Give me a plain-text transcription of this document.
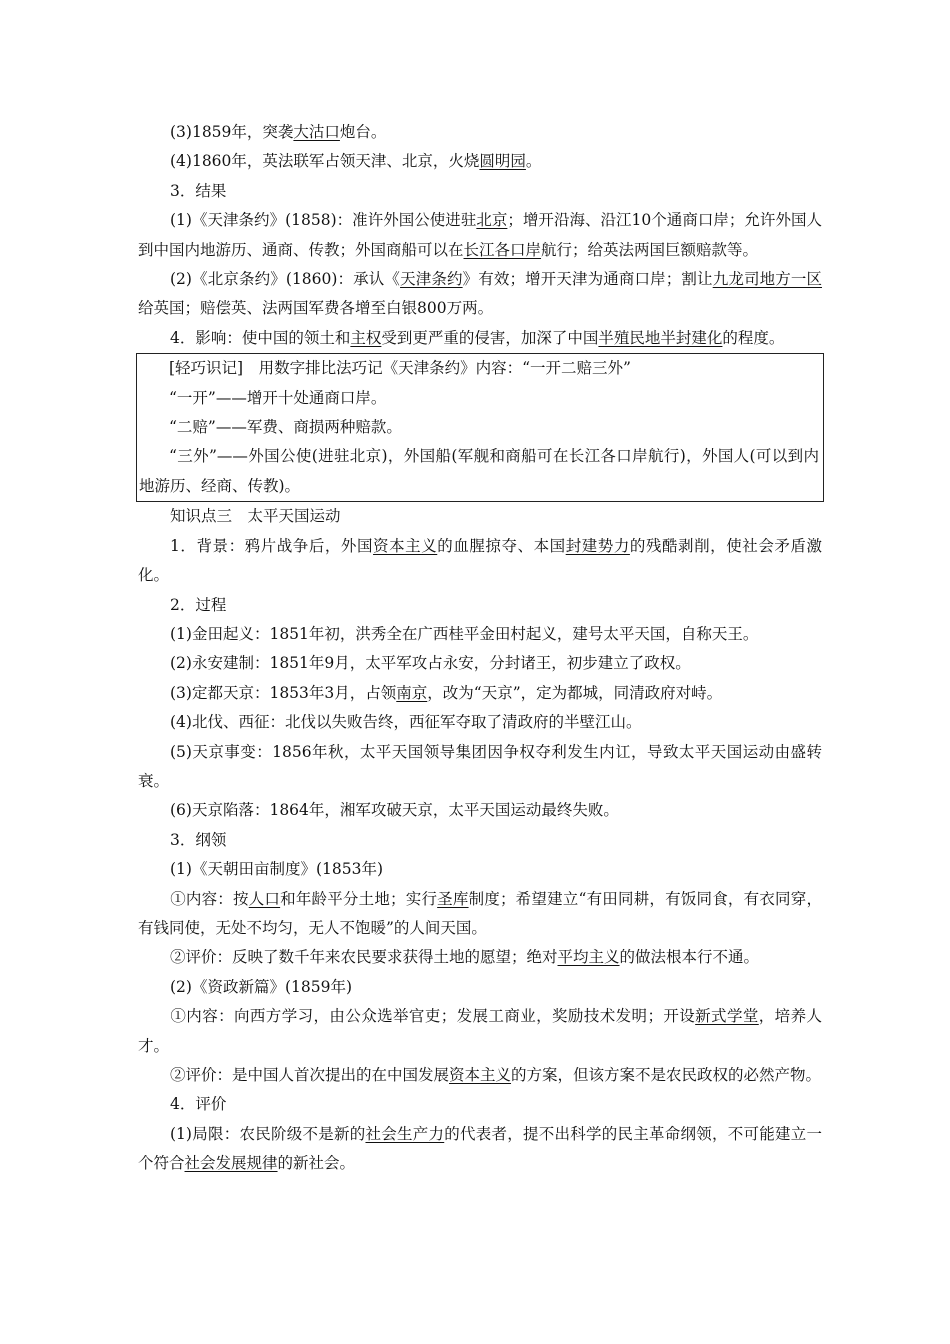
(3)1859年，突袭大沽口炮台。
(4)1860年，英法联军占领天津、北京，火烧圆明园。
3．结果
(1)《天津条约》(1858)：准许外国公使进驻北京；增开沿海、沿江10个通商口岸；允许外国人到中国内地游历、通商、传教；外国商船可以在长江各口岸航行；给英法两国巨额赔款等。
(2)《北京条约》(1860)：承认《天津条约》有效；增开天津为通商口岸；割让九龙司地方一区给英国；赔偿英、法两国军费各增至白银800万两。
4．影响：使中国的领土和主权受到更严重的侵害，加深了中国半殖民地半封建化的程度。
[轻巧识记]　用数字排比法巧记《天津条约》内容：“一开二赔三外”
“一开”——增开十处通商口岸。
“二赔”——军费、商损两种赔款。
“三外”——外国公使(进驻北京)，外国船(军舰和商船可在长江各口岸航行)，外国人(可以到内地游历、经商、传教)。
知识点三　太平天国运动
1．背景：鸦片战争后，外国资本主义的血腥掠夺、本国封建势力的残酷剥削，使社会矛盾激化。
2．过程
(1)金田起义：1851年初，洪秀全在广西桂平金田村起义，建号太平天国，自称天王。
(2)永安建制：1851年9月，太平军攻占永安，分封诸王，初步建立了政权。
(3)定都天京：1853年3月，占领南京，改为“天京”，定为都城，同清政府对峙。
(4)北伐、西征：北伐以失败告终，西征军夺取了清政府的半壁江山。
(5)天京事变：1856年秋，太平天国领导集团因争权夺利发生内讧，导致太平天国运动由盛转衰。
(6)天京陷落：1864年，湘军攻破天京，太平天国运动最终失败。
3．纲领
(1)《天朝田亩制度》(1853年)
①内容：按人口和年龄平分土地；实行圣库制度；希望建立“有田同耕，有饭同食，有衣同穿，有钱同使，无处不均匀，无人不饱暖”的人间天国。
②评价：反映了数千年来农民要求获得土地的愿望；绝对平均主义的做法根本行不通。
(2)《资政新篇》(1859年)
①内容：向西方学习，由公众选举官吏；发展工商业，奖励技术发明；开设新式学堂，培养人才。
②评价：是中国人首次提出的在中国发展资本主义的方案，但该方案不是农民政权的必然产物。
4．评价
(1)局限：农民阶级不是新的社会生产力的代表者，提不出科学的民主革命纲领，不可能建立一个符合社会发展规律的新社会。
